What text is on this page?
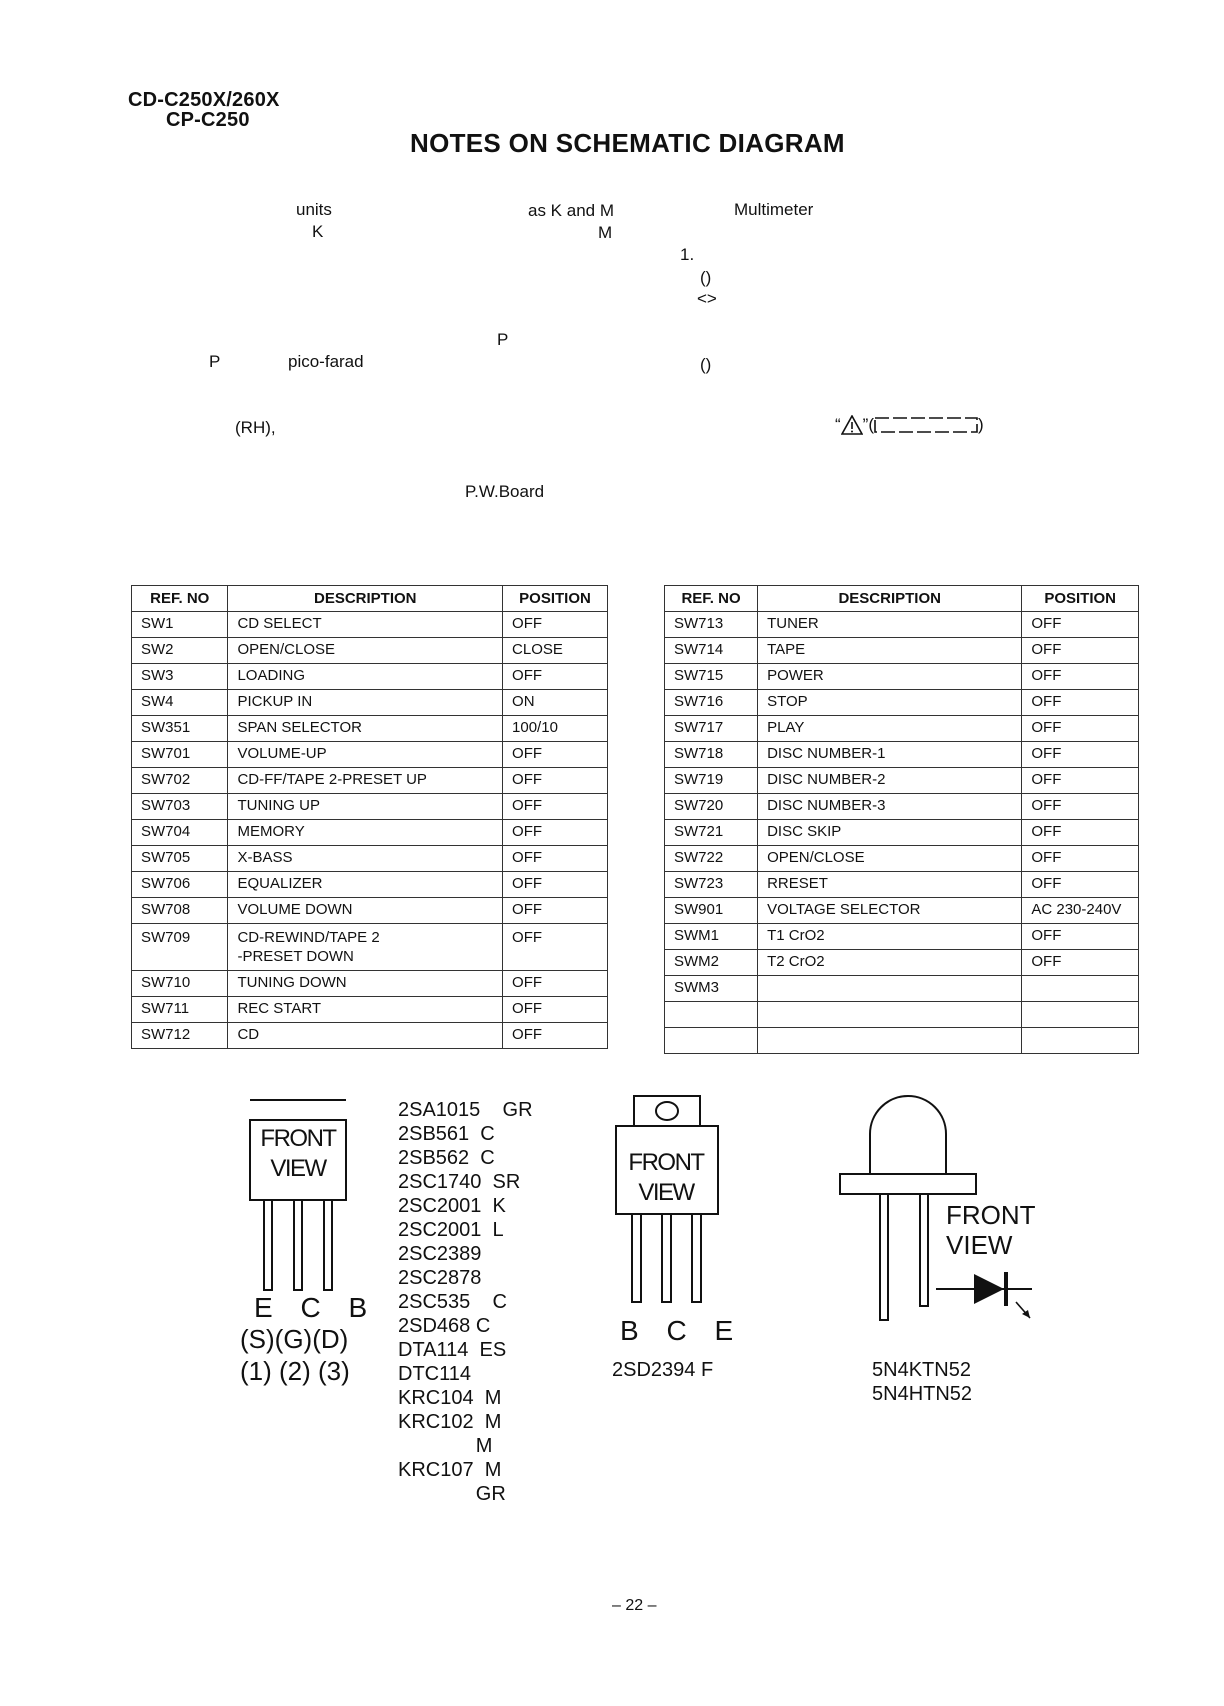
CD-C250X/260X
CP-C250
NOTES ON SCHEMATIC DIAGRAM
units	as K and M	Multimeter
K	M
1.
()
<>
P
P	pico-farad	()
(RH),	“ ”(	)
P.W.Board
REF. NO	DESCRIPTION	POSITION
SW1	CD SELECT	OFF
SW2	OPEN/CLOSE	CLOSE
SW3	LOADING	OFF
SW4	PICKUP IN	ON
SW351	SPAN SELECTOR	100/10
SW701	VOLUME-UP	OFF
SW702	CD-FF/TAPE 2-PRESET UP	OFF
SW703	TUNING UP	OFF
SW704	MEMORY	OFF
SW705	X-BASS	OFF
SW706	EQUALIZER	OFF
SW708	VOLUME DOWN	OFF
SW709	CD-REWIND/TAPE 2
-PRESET DOWN	OFF
SW710	TUNING DOWN	OFF
SW711	REC START	OFF
SW712	CD	OFF
REF. NO	DESCRIPTION	POSITION
SW713	TUNER	OFF
SW714	TAPE	OFF
SW715	POWER	OFF
SW716	STOP	OFF
SW717	PLAY	OFF
SW718	DISC NUMBER-1	OFF
SW719	DISC NUMBER-2	OFF
SW720	DISC NUMBER-3	OFF
SW721	DISC SKIP	OFF
SW722	OPEN/CLOSE	OFF
SW723	RRESET	OFF
SW901	VOLTAGE SELECTOR	AC 230-240V
SWM1	T1 CrO2	OFF
SWM2	T2 CrO2	OFF
SWM3		

FRONT
VIEW
E C B
(S)(G)(D)
(1) (2) (3)
2SA1015    GR
2SB561  C
2SB562  C
2SC1740  SR
2SC2001  K
2SC2001  L
2SC2389
2SC2878
2SC535    C
2SD468 C
DTA114  ES
DTC114
KRC104  M
KRC102  M
M
KRC107  M
GR
FRONT
VIEW
B C E
2SD2394 F
FRONT
VIEW
5N4KTN52
5N4HTN52
– 22 –
